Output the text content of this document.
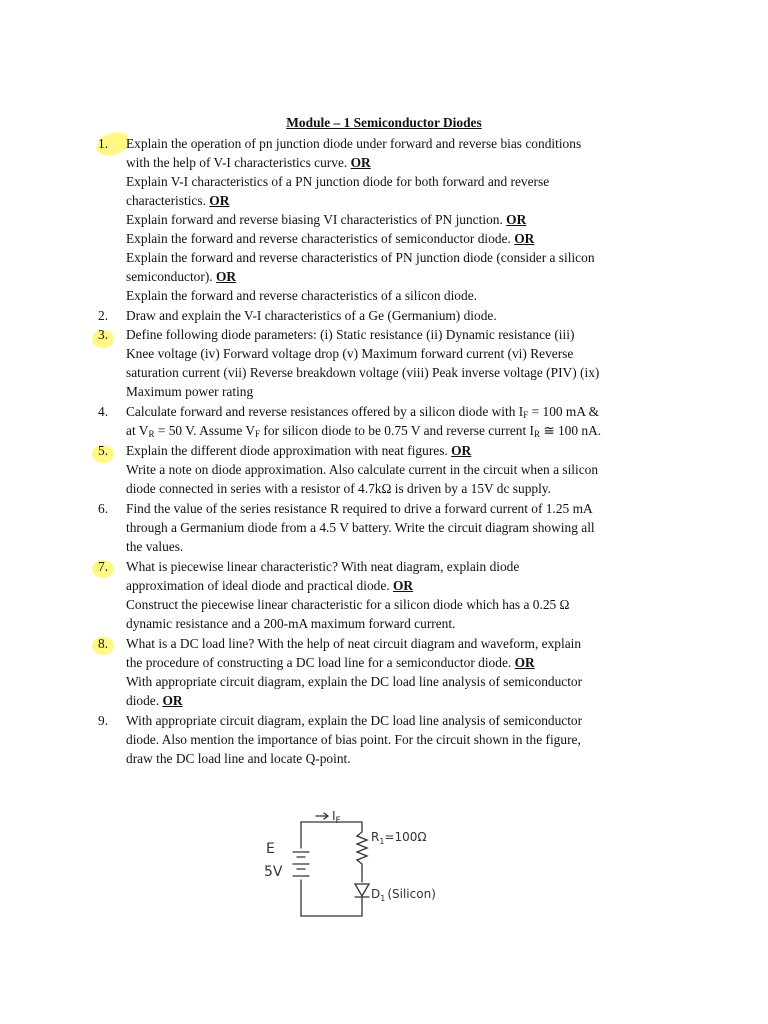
Module – 1 Semiconductor Diodes
1.	Explain the operation of pn junction diode under forward and reverse bias conditions
with the help of V-I characteristics curve. OR
Explain V-I characteristics of a PN junction diode for both forward and reverse
characteristics. OR
Explain forward and reverse biasing VI characteristics of PN junction. OR
Explain the forward and reverse characteristics of semiconductor diode. OR
Explain the forward and reverse characteristics of PN junction diode (consider a silicon
semiconductor). OR
Explain the forward and reverse characteristics of a silicon diode.
2.	Draw and explain the V-I characteristics of a Ge (Germanium) diode.
3.	Define following diode parameters: (i) Static resistance (ii) Dynamic resistance (iii)
Knee voltage (iv) Forward voltage drop (v) Maximum forward current (vi) Reverse
saturation current (vii) Reverse breakdown voltage (viii) Peak inverse voltage (PIV) (ix)
Maximum power rating
4.	Calculate forward and reverse resistances offered by a silicon diode with $I_F = 100$ mA &
at $V_R = 50$ V. Assume $V_F$ for silicon diode to be 0.75 V and reverse current $I_R$ ≅ 100 nA.
5.	Explain the different diode approximation with neat figures. OR
Write a note on diode approximation. Also calculate current in the circuit when a silicon
diode connected in series with a resistor of 4.7kΩ is driven by a 15V dc supply.
6.	Find the value of the series resistance R required to drive a forward current of 1.25 mA
through a Germanium diode from a 4.5 V battery. Write the circuit diagram showing all
the values.
7.	What is piecewise linear characteristic? With neat diagram, explain diode
approximation of ideal diode and practical diode. OR
Construct the piecewise linear characteristic for a silicon diode which has a 0.25 Ω
dynamic resistance and a 200-mA maximum forward current.
8.	What is a DC load line? With the help of neat circuit diagram and waveform, explain
the procedure of constructing a DC load line for a semiconductor diode. OR
With appropriate circuit diagram, explain the DC load line analysis of semiconductor
diode. OR
9.	With appropriate circuit diagram, explain the DC load line analysis of semiconductor
diode. Also mention the importance of bias point. For the circuit shown in the figure,
draw the DC load line and locate Q-point.
E
5V
$I_F$
$R_1=100\Omega$
$D_1$ (Silicon)
